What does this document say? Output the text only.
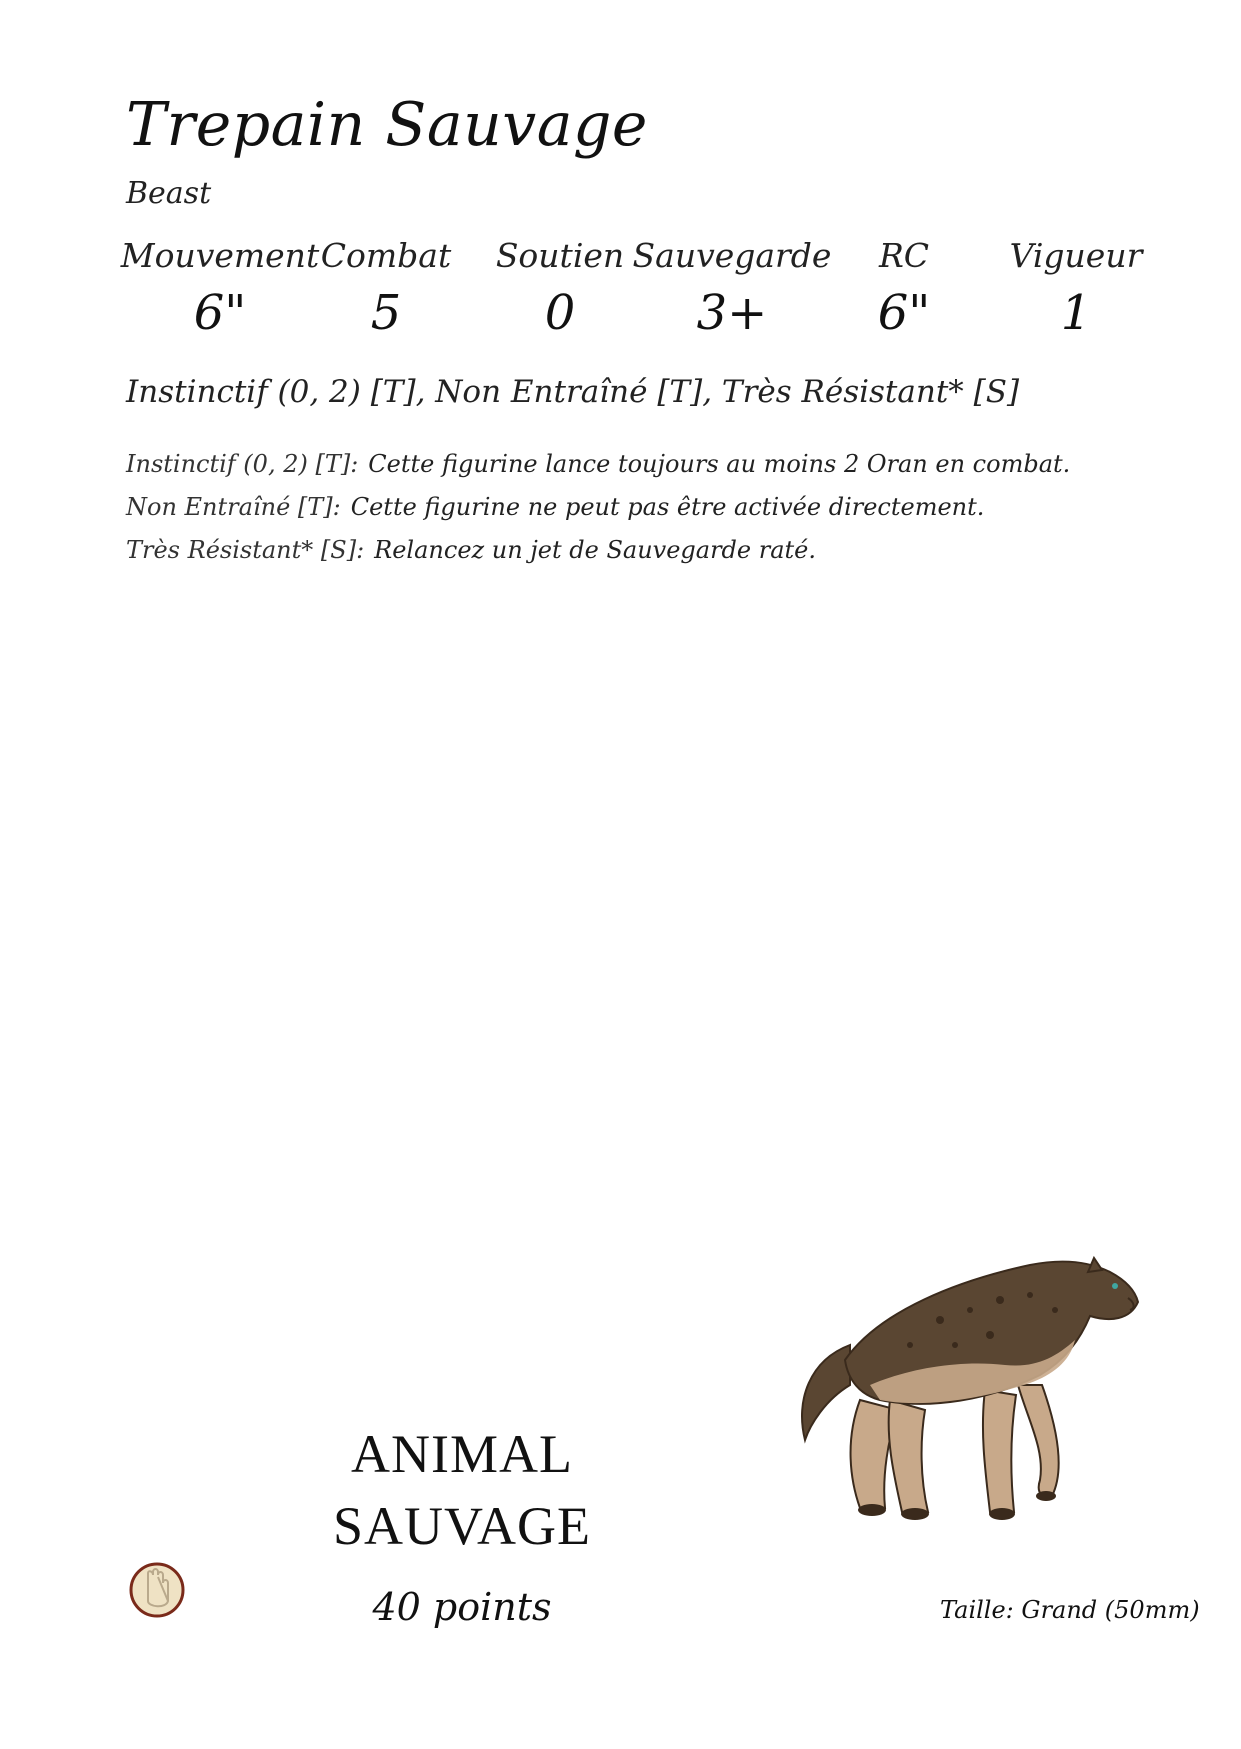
Trepain Sauvage
Beast
Mouvement
6"
Combat
5
Soutien
0
Sauvegarde
3+
RC
6"
Vigueur
1
Instinctif (0, 2) [T], Non Entraîné [T], Très Résistant* [S]
Instinctif (0, 2) [T]: Cette figurine lance toujours au moins 2 Oran en combat.
Non Entraîné [T]: Cette figurine ne peut pas être activée directement.
Très Résistant* [S]: Relancez un jet de Sauvegarde raté.
ANIMAL
SAUVAGE
40 points	Taille: Grand (50mm)
